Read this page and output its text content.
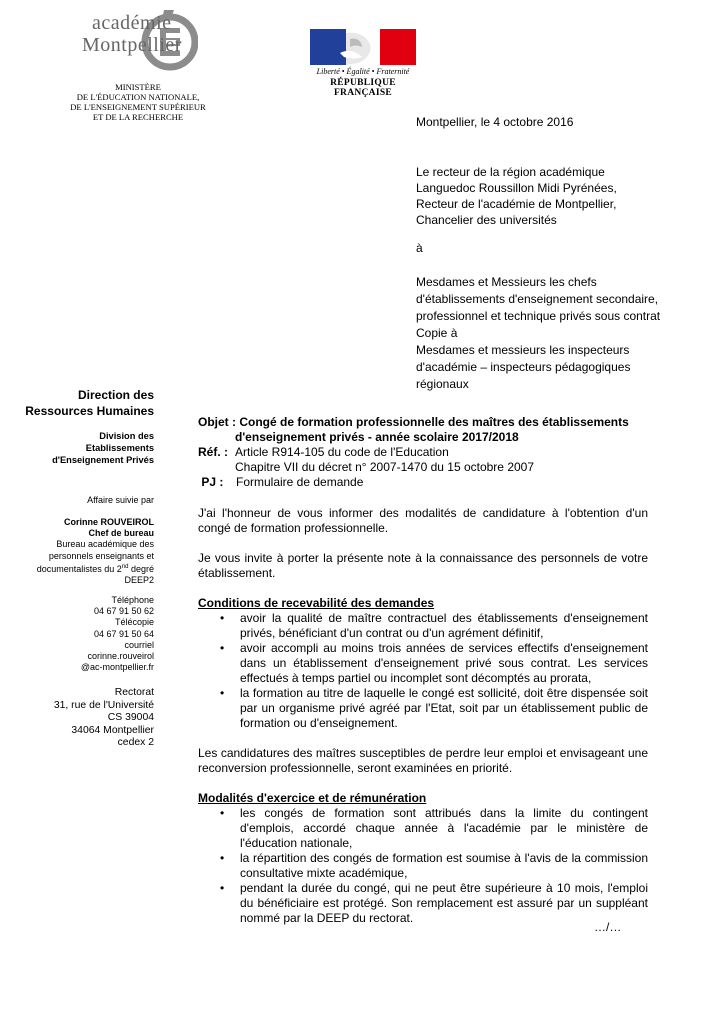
académie
Montpellier
MINISTÈRE
DE L'ÉDUCATION NATIONALE,
DE L'ENSEIGNEMENT SUPÉRIEUR
ET DE LA RECHERCHE
Liberté • Égalité • Fraternité
RÉPUBLIQUE FRANÇAISE
Montpellier, le 4 octobre 2016
Le recteur de la région académique
Languedoc Roussillon Midi Pyrénées,
Recteur de l'académie de Montpellier,
Chancelier des universités
à
Mesdames et Messieurs les chefs d'établissements d'enseignement secondaire, professionnel et technique privés sous contrat
Copie à
Mesdames et messieurs les inspecteurs d'académie – inspecteurs pédagogiques régionaux
Direction des
Ressources Humaines
Division des
Etablissements
d'Enseignement Privés
Affaire suivie par
Corinne ROUVEIROL
Chef de bureau
Bureau académique des
personnels enseignants et
documentalistes du 2nd degré
DEEP2
Téléphone
04 67 91 50 62
Télécopie
04 67 91 50 64
courriel
corinne.rouveirol
@ac-montpellier.fr
Rectorat
31, rue de l'Université
CS 39004
34064 Montpellier
cedex 2
Objet : Congé de formation professionnelle des maîtres des établissements
d'enseignement privés - année scolaire 2017/2018
Réf. : Article R914-105 du code de l'Education
Chapitre VII du décret n° 2007-1470 du 15 octobre 2007
PJ :	Formulaire de demande
J'ai l'honneur de vous informer des modalités de candidature à l'obtention d'un congé de formation professionnelle.
Je vous invite à porter la présente note à la connaissance des personnels de votre établissement.
Conditions de recevabilité des demandes
• avoir la qualité de maître contractuel des établissements d'enseignement privés, bénéficiant d'un contrat ou d'un agrément définitif,
• avoir accompli au moins trois années de services effectifs d'enseignement dans un établissement d'enseignement privé sous contrat. Les services effectués à temps partiel ou incomplet sont décomptés au prorata,
• la formation au titre de laquelle le congé est sollicité, doit être dispensée soit par un organisme privé agréé par l'Etat, soit par un établissement public de formation ou d'enseignement.
Les candidatures des maîtres susceptibles de perdre leur emploi et envisageant une reconversion professionnelle, seront examinées en priorité.
Modalités d'exercice et de rémunération
• les congés de formation sont attribués dans la limite du contingent d'emplois, accordé chaque année à l'académie par le ministère de l'éducation nationale,
• la répartition des congés de formation est soumise à l'avis de la commission consultative mixte académique,
• pendant la durée du congé, qui ne peut être supérieure à 10 mois, l'emploi du bénéficiaire est protégé. Son remplacement est assuré par un suppléant nommé par la DEEP du rectorat.
…/…
